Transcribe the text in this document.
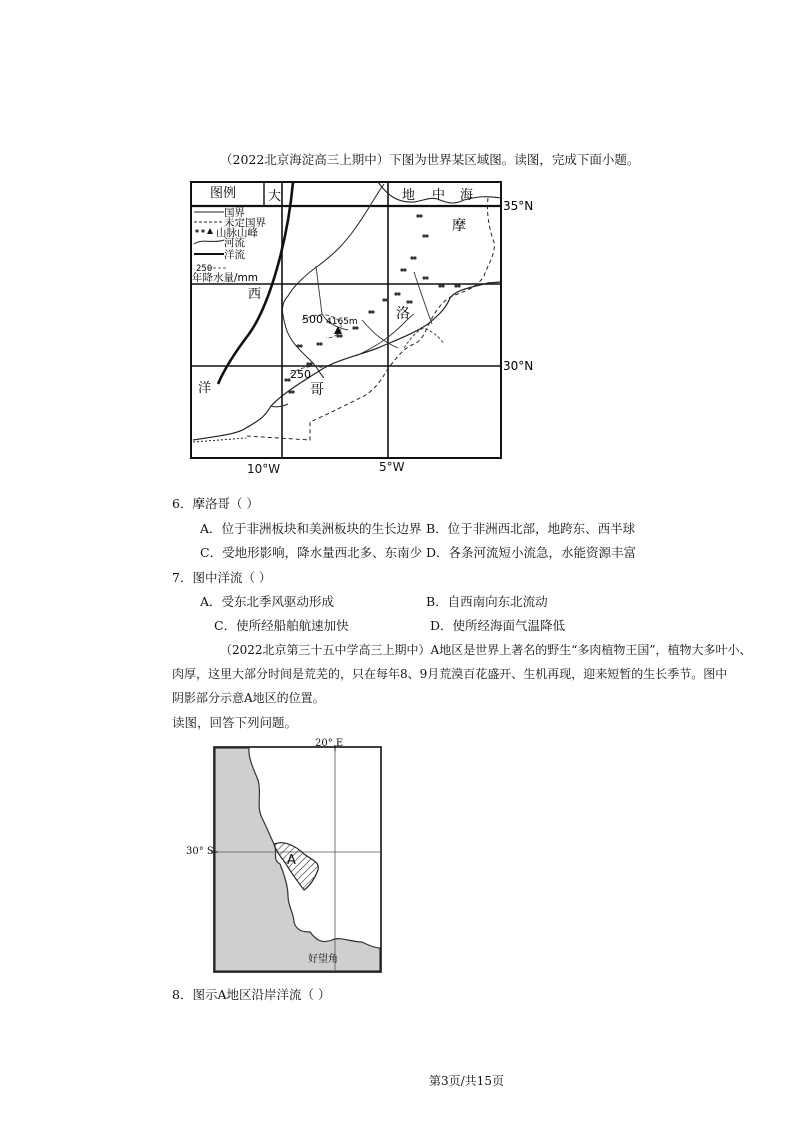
（2022北京海淀高三上期中）下图为世界某区域图。读图，完成下面小题。
图例
国界
未定国界
山脉山峰
河流
洋流
250
年降水量/mm
大	地 中 海
35°N
30°N
西
洋
摩
洛
哥
500 4165m
250
10°W	5°W
6．摩洛哥（ ）
A．位于非洲板块和美洲板块的生长边界 B．位于非洲西北部，地跨东、西半球
C．受地形影响，降水量西北多、东南少 D．各条河流短小流急，水能资源丰富
7．图中洋流（ ）
A．受东北季风驱动形成	B．自西南向东北流动
C．使所经船舶航速加快	D．使所经海面气温降低
（2022北京第三十五中学高三上期中）A地区是世界上著名的野生“多肉植物王国”，植物大多叶小、
肉厚，这里大部分时间是荒芜的，只在每年8、9月荒漠百花盛开、生机再现，迎来短暂的生长季节。图中
阴影部分示意A地区的位置。
读图，回答下列问题。
20° E
30° S
A
好望角
8．图示A地区沿岸洋流（ ）
第3页/共15页
